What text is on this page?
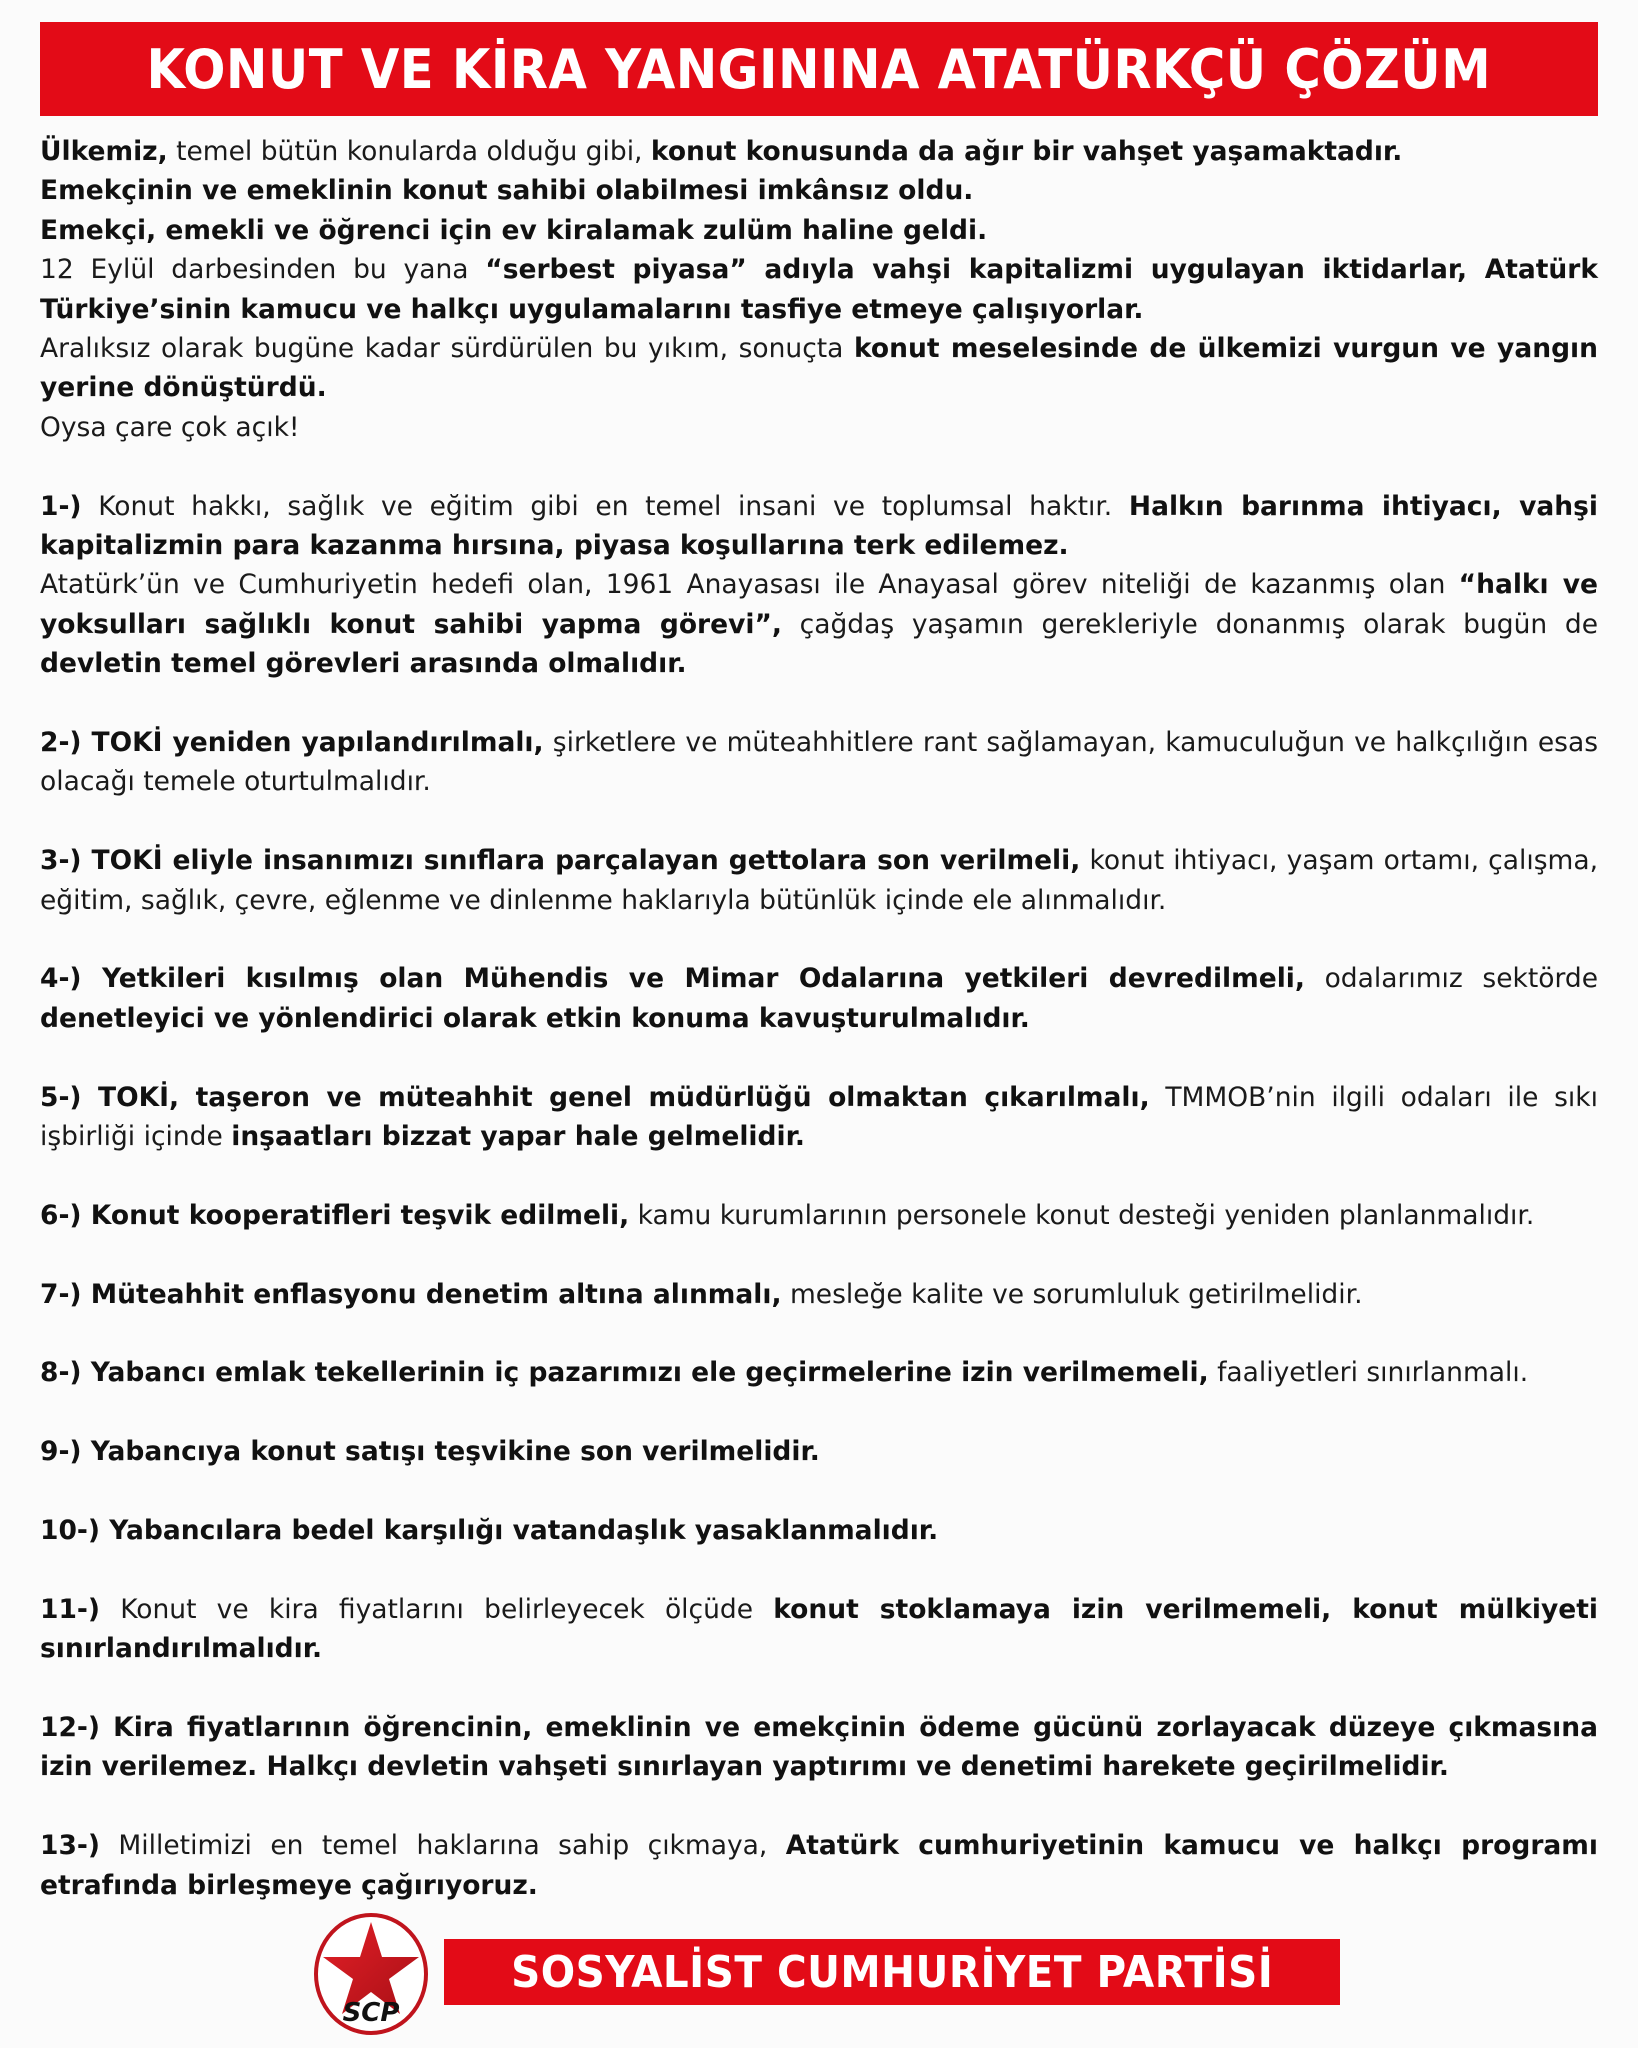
KONUT VE KİRA YANGININA ATATÜRKÇÜ ÇÖZÜM

Ülkemiz, temel bütün konularda olduğu gibi, konut konusunda da ağır bir vahşet yaşamaktadır.

Emekçinin ve emeklinin konut sahibi olabilmesi imkânsız oldu.

Emekçi, emekli ve öğrenci için ev kiralamak zulüm haline geldi.

12 Eylül darbesinden bu yana “serbest piyasa” adıyla vahşi kapitalizmi uygulayan iktidarlar, Atatürk Türkiye’sinin kamucu ve halkçı uygulamalarını tasfiye etmeye çalışıyorlar.

Aralıksız olarak bugüne kadar sürdürülen bu yıkım, sonuçta konut meselesinde de ülkemizi vurgun ve yangın yerine dönüştürdü.

Oysa çare çok açık!

1-) Konut hakkı, sağlık ve eğitim gibi en temel insani ve toplumsal haktır. Halkın barınma ihtiyacı, vahşi kapitalizmin para kazanma hırsına, piyasa koşullarına terk edilemez.

Atatürk’ün ve Cumhuriyetin hedefi olan, 1961 Anayasası ile Anayasal görev niteliği de kazanmış olan “halkı ve yoksulları sağlıklı konut sahibi yapma görevi”, çağdaş yaşamın gerekleriyle donanmış olarak bugün de devletin temel görevleri arasında olmalıdır.

2-) TOKİ yeniden yapılandırılmalı, şirketlere ve müteahhitlere rant sağlamayan, kamuculuğun ve halkçılığın esas olacağı temele oturtulmalıdır.

3-) TOKİ eliyle insanımızı sınıflara parçalayan gettolara son verilmeli, konut ihtiyacı, yaşam ortamı, çalışma, eğitim, sağlık, çevre, eğlenme ve dinlenme haklarıyla bütünlük içinde ele alınmalıdır.

4-) Yetkileri kısılmış olan Mühendis ve Mimar Odalarına yetkileri devredilmeli, odalarımız sektörde denetleyici ve yönlendirici olarak etkin konuma kavuşturulmalıdır.

5-) TOKİ, taşeron ve müteahhit genel müdürlüğü olmaktan çıkarılmalı, TMMOB’nin ilgili odaları ile sıkı işbirliği içinde inşaatları bizzat yapar hale gelmelidir.

6-) Konut kooperatifleri teşvik edilmeli, kamu kurumlarının personele konut desteği yeniden planlanmalıdır.

7-) Müteahhit enflasyonu denetim altına alınmalı, mesleğe kalite ve sorumluluk getirilmelidir.

8-) Yabancı emlak tekellerinin iç pazarımızı ele geçirmelerine izin verilmemeli, faaliyetleri sınırlanmalı.

9-) Yabancıya konut satışı teşvikine son verilmelidir.

10-) Yabancılara bedel karşılığı vatandaşlık yasaklanmalıdır.

11-) Konut ve kira fiyatlarını belirleyecek ölçüde konut stoklamaya izin verilmemeli, konut mülkiyeti sınırlandırılmalıdır.

12-) Kira fiyatlarının öğrencinin, emeklinin ve emekçinin ödeme gücünü zorlayacak düzeye çıkmasına izin verilemez. Halkçı devletin vahşeti sınırlayan yaptırımı ve denetimi harekete geçirilmelidir.

13-) Milletimizi en temel haklarına sahip çıkmaya, Atatürk cumhuriyetinin kamucu ve halkçı programı etrafında birleşmeye çağırıyoruz.

SCP
SOSYALİST CUMHURİYET PARTİSİ
